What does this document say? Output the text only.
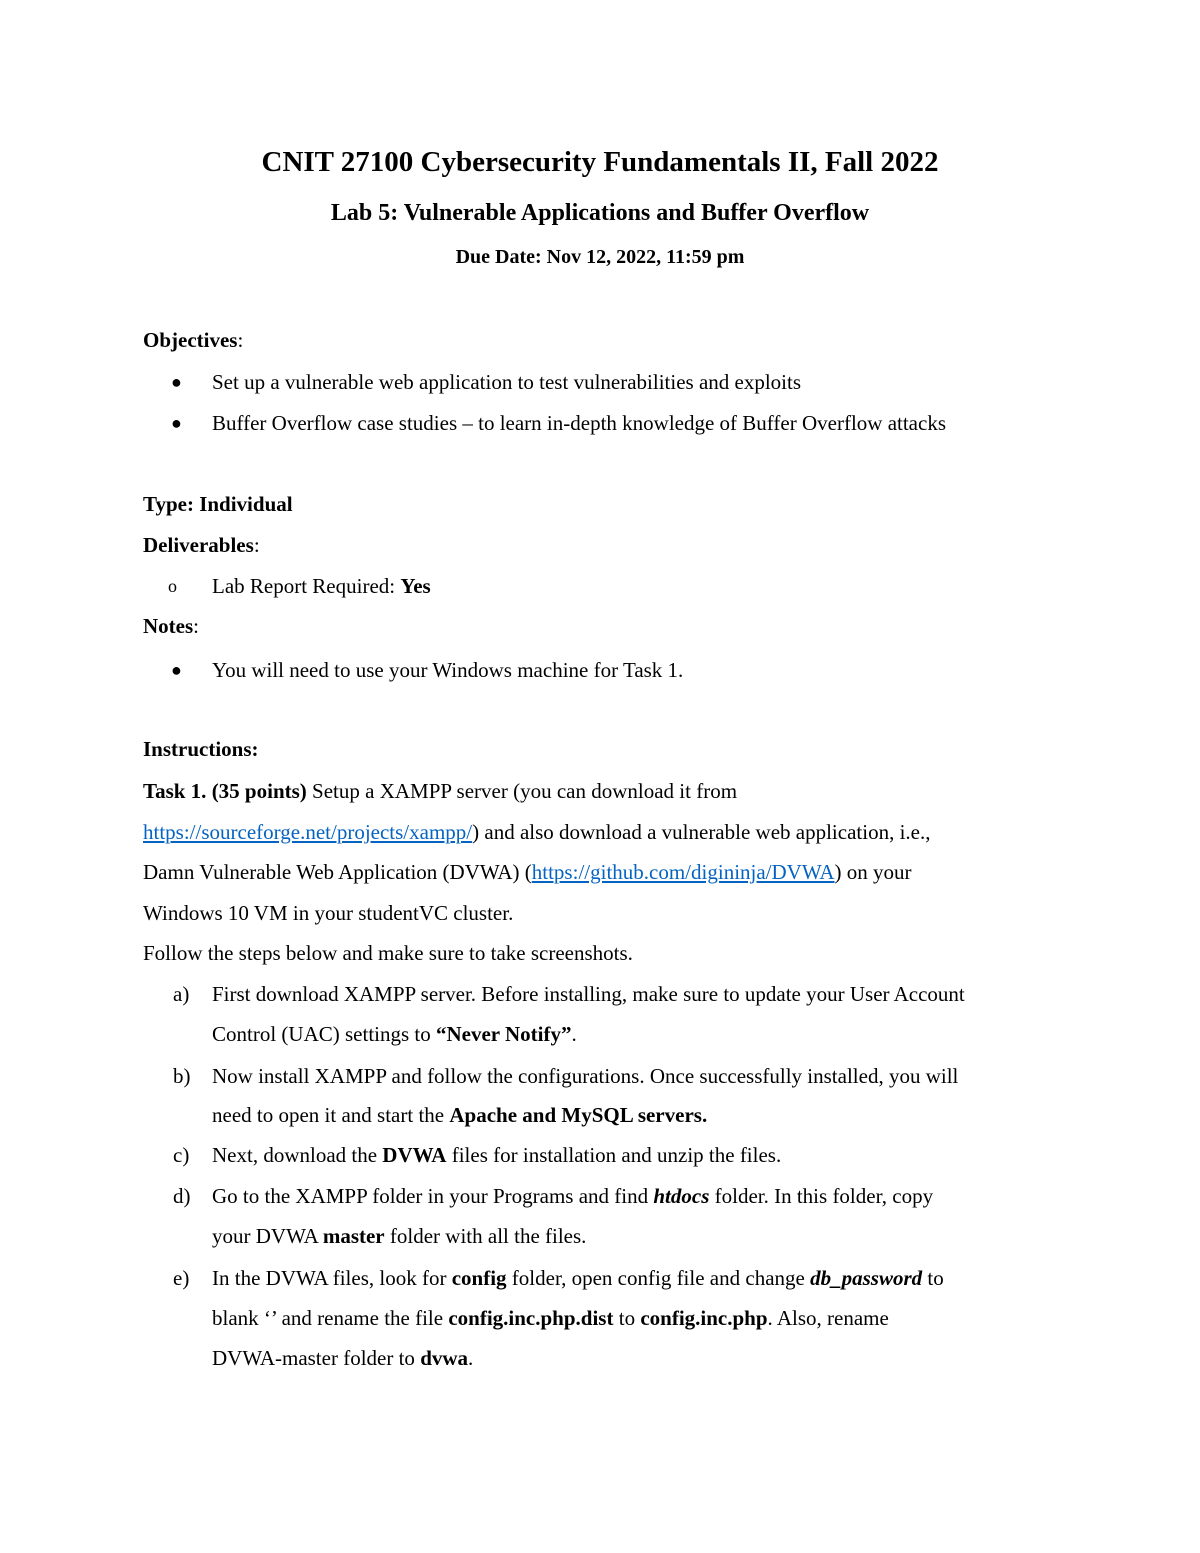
CNIT 27100 Cybersecurity Fundamentals II, Fall 2022
Lab 5: Vulnerable Applications and Buffer Overflow
Due Date: Nov 12, 2022, 11:59 pm
Objectives:
● Set up a vulnerable web application to test vulnerabilities and exploits
● Buffer Overflow case studies – to learn in-depth knowledge of Buffer Overflow attacks
Type: Individual
Deliverables:
o Lab Report Required: Yes
Notes:
● You will need to use your Windows machine for Task 1.
Instructions:
Task 1. (35 points) Setup a XAMPP server (you can download it from
https://sourceforge.net/projects/xampp/) and also download a vulnerable web application, i.e.,
Damn Vulnerable Web Application (DVWA) (https://github.com/digininja/DVWA) on your
Windows 10 VM in your studentVC cluster.
Follow the steps below and make sure to take screenshots.
a) First download XAMPP server. Before installing, make sure to update your User Account
Control (UAC) settings to “Never Notify”.
b) Now install XAMPP and follow the configurations. Once successfully installed, you will
need to open it and start the Apache and MySQL servers.
c) Next, download the DVWA files for installation and unzip the files.
d) Go to the XAMPP folder in your Programs and find htdocs folder. In this folder, copy
your DVWA master folder with all the files.
e) In the DVWA files, look for config folder, open config file and change db_password to
blank ‘’ and rename the file config.inc.php.dist to config.inc.php. Also, rename
DVWA-master folder to dvwa.
